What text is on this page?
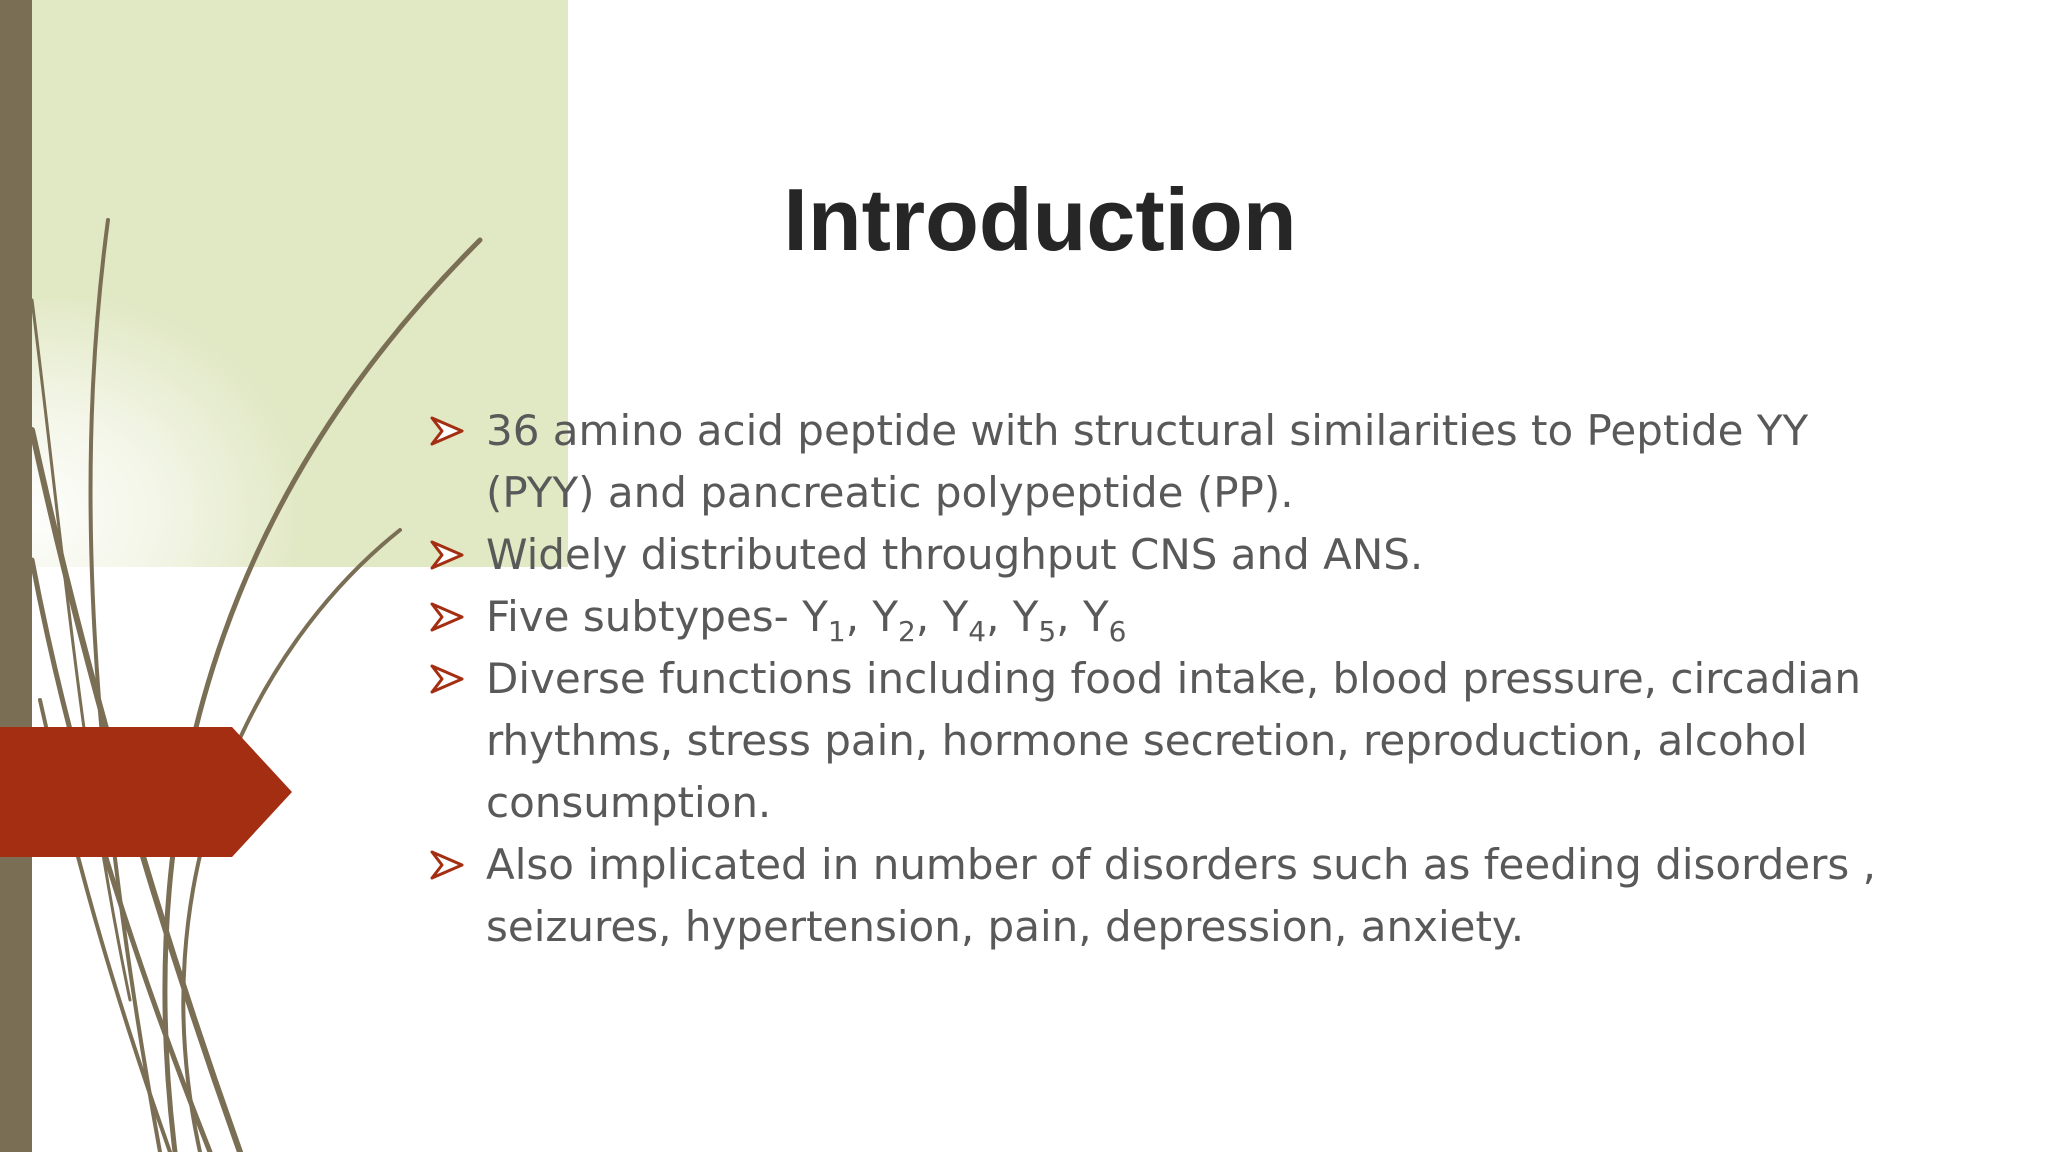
Introduction
36 amino acid peptide with structural similarities to Peptide YY (PYY) and pancreatic polypeptide (PP).
Widely distributed throughput CNS and ANS.
Five subtypes- $Y_1$, $Y_2$, $Y_4$, $Y_5$, $Y_6$
Diverse functions including food intake, blood pressure, circadian rhythms, stress pain, hormone secretion, reproduction, alcohol consumption.
Also implicated in number of disorders such as feeding disorders , seizures, hypertension, pain, depression, anxiety.
